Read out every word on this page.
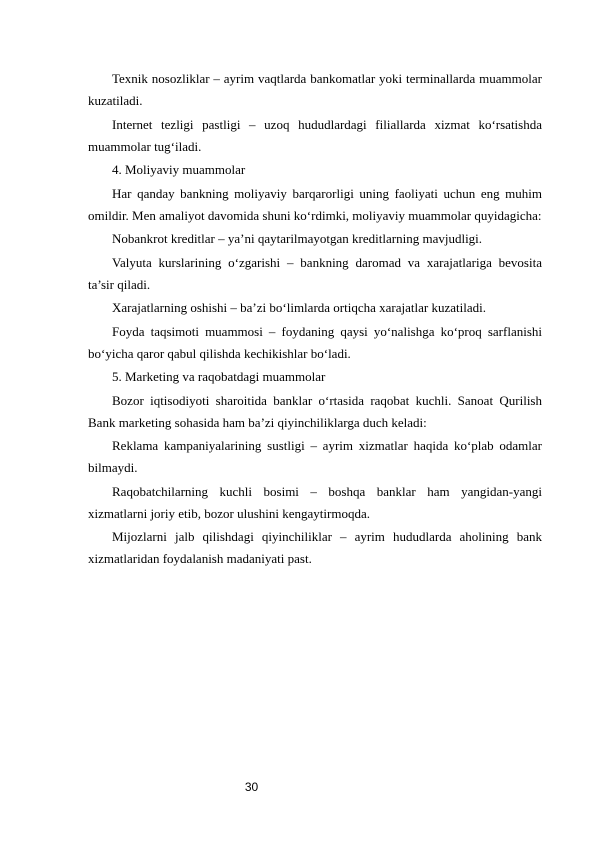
Texnik nosozliklar – ayrim vaqtlarda bankomatlar yoki terminallarda muammolar kuzatiladi.

Internet tezligi pastligi – uzoq hududlardagi filiallarda xizmat ko‘rsatishda muammolar tug‘iladi.

4. Moliyaviy muammolar

Har qanday bankning moliyaviy barqarorligi uning faoliyati uchun eng muhim omildir. Men amaliyot davomida shuni ko‘rdimki, moliyaviy muammolar quyidagicha:

Nobankrot kreditlar – ya’ni qaytarilmayotgan kreditlarning mavjudligi.

Valyuta kurslarining o‘zgarishi – bankning daromad va xarajatlariga bevosita ta’sir qiladi.

Xarajatlarning oshishi – ba’zi bo‘limlarda ortiqcha xarajatlar kuzatiladi.

Foyda taqsimoti muammosi – foydaning qaysi yo‘nalishga ko‘proq sarflanishi bo‘yicha qaror qabul qilishda kechikishlar bo‘ladi.

5. Marketing va raqobatdagi muammolar

Bozor iqtisodiyoti sharoitida banklar o‘rtasida raqobat kuchli. Sanoat Qurilish Bank marketing sohasida ham ba’zi qiyinchiliklarga duch keladi:

Reklama kampaniyalarining sustligi – ayrim xizmatlar haqida ko‘plab odamlar bilmaydi.

Raqobatchilarning kuchli bosimi – boshqa banklar ham yangidan-yangi xizmatlarni joriy etib, bozor ulushini kengaytirmoqda.

Mijozlarni jalb qilishdagi qiyinchiliklar – ayrim hududlarda aholining bank xizmatlaridan foydalanish madaniyati past.

30
